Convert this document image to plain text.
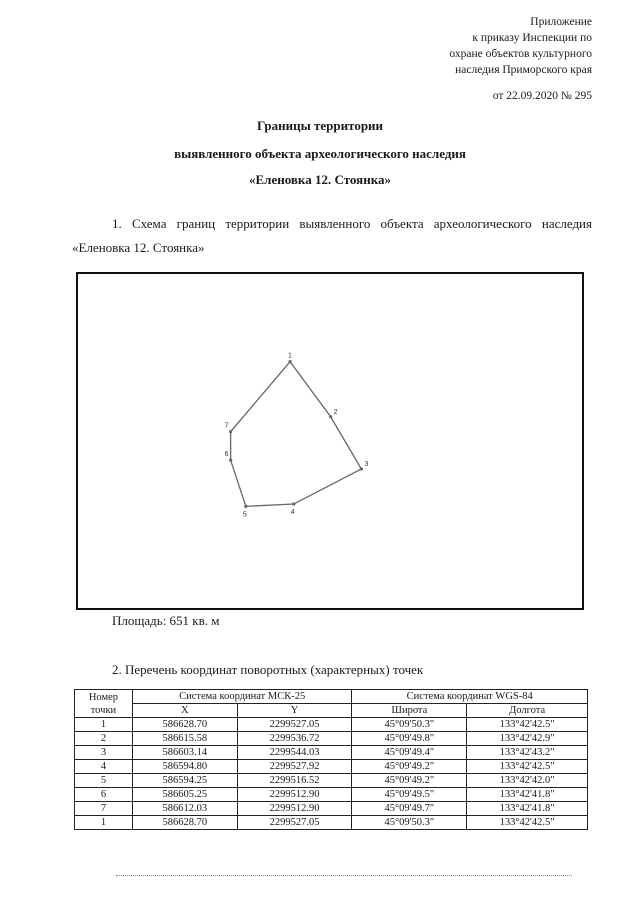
Приложение
к приказу Инспекции по
охране объектов культурного
наследия Приморского края
от 22.09.2020 № 295
Границы территории
выявленного объекта археологического наследия
«Еленовка 12. Стоянка»
1. Схема границ территории выявленного объекта археологического наследия «Еленовка 12. Стоянка»
1
2
3
4
5
6
7
Площадь: 651 кв. м
2. Перечень координат поворотных (характерных) точек
Номер
точки	Система координат МСК-25		Система координат WGS-84	
	X	Y	Широта	Долгота
1	586628.70	2299527.05	45°09'50.3"	133°42'42.5"
2	586615.58	2299536.72	45°09'49.8"	133°42'42.9"
3	586603.14	2299544.03	45°09'49.4"	133°42'43.2"
4	586594.80	2299527.92	45°09'49.2"	133°42'42.5"
5	586594.25	2299516.52	45°09'49.2"	133°42'42.0"
6	586605.25	2299512.90	45°09'49.5"	133°42'41.8"
7	586612.03	2299512.90	45°09'49.7"	133°42'41.8"
1	586628.70	2299527.05	45°09'50.3"	133°42'42.5"
